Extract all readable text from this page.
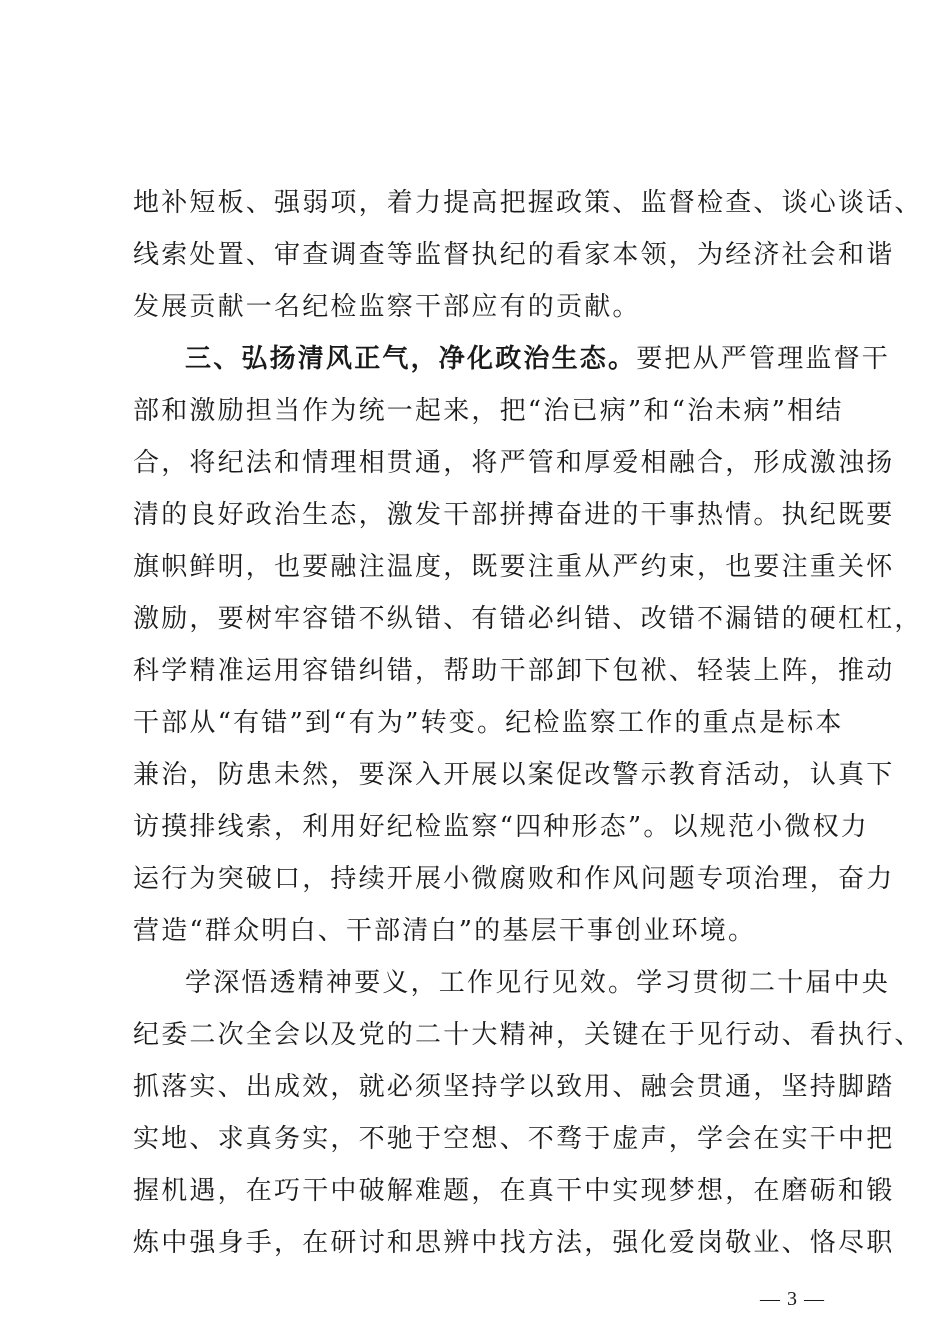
地补短板、强弱项，着力提高把握政策、监督检查、谈心谈话、
线索处置、审查调查等监督执纪的看家本领，为经济社会和谐
发展贡献一名纪检监察干部应有的贡献。
三、弘扬清风正气，净化政治生态。要把从严管理监督干
部和激励担当作为统一起来，把“治已病”和“治未病”相结
合，将纪法和情理相贯通，将严管和厚爱相融合，形成激浊扬
清的良好政治生态，激发干部拼搏奋进的干事热情。执纪既要
旗帜鲜明，也要融注温度，既要注重从严约束，也要注重关怀
激励，要树牢容错不纵错、有错必纠错、改错不漏错的硬杠杠，
科学精准运用容错纠错，帮助干部卸下包袱、轻装上阵，推动
干部从“有错”到“有为”转变。纪检监察工作的重点是标本
兼治，防患未然，要深入开展以案促改警示教育活动，认真下
访摸排线索，利用好纪检监察“四种形态”。以规范小微权力
运行为突破口，持续开展小微腐败和作风问题专项治理，奋力
营造“群众明白、干部清白”的基层干事创业环境。
学深悟透精神要义，工作见行见效。学习贯彻二十届中央
纪委二次全会以及党的二十大精神，关键在于见行动、看执行、
抓落实、出成效，就必须坚持学以致用、融会贯通，坚持脚踏
实地、求真务实，不驰于空想、不骛于虚声，学会在实干中把
握机遇，在巧干中破解难题，在真干中实现梦想，在磨砺和锻
炼中强身手，在研讨和思辨中找方法，强化爱岗敬业、恪尽职
— 3 —
